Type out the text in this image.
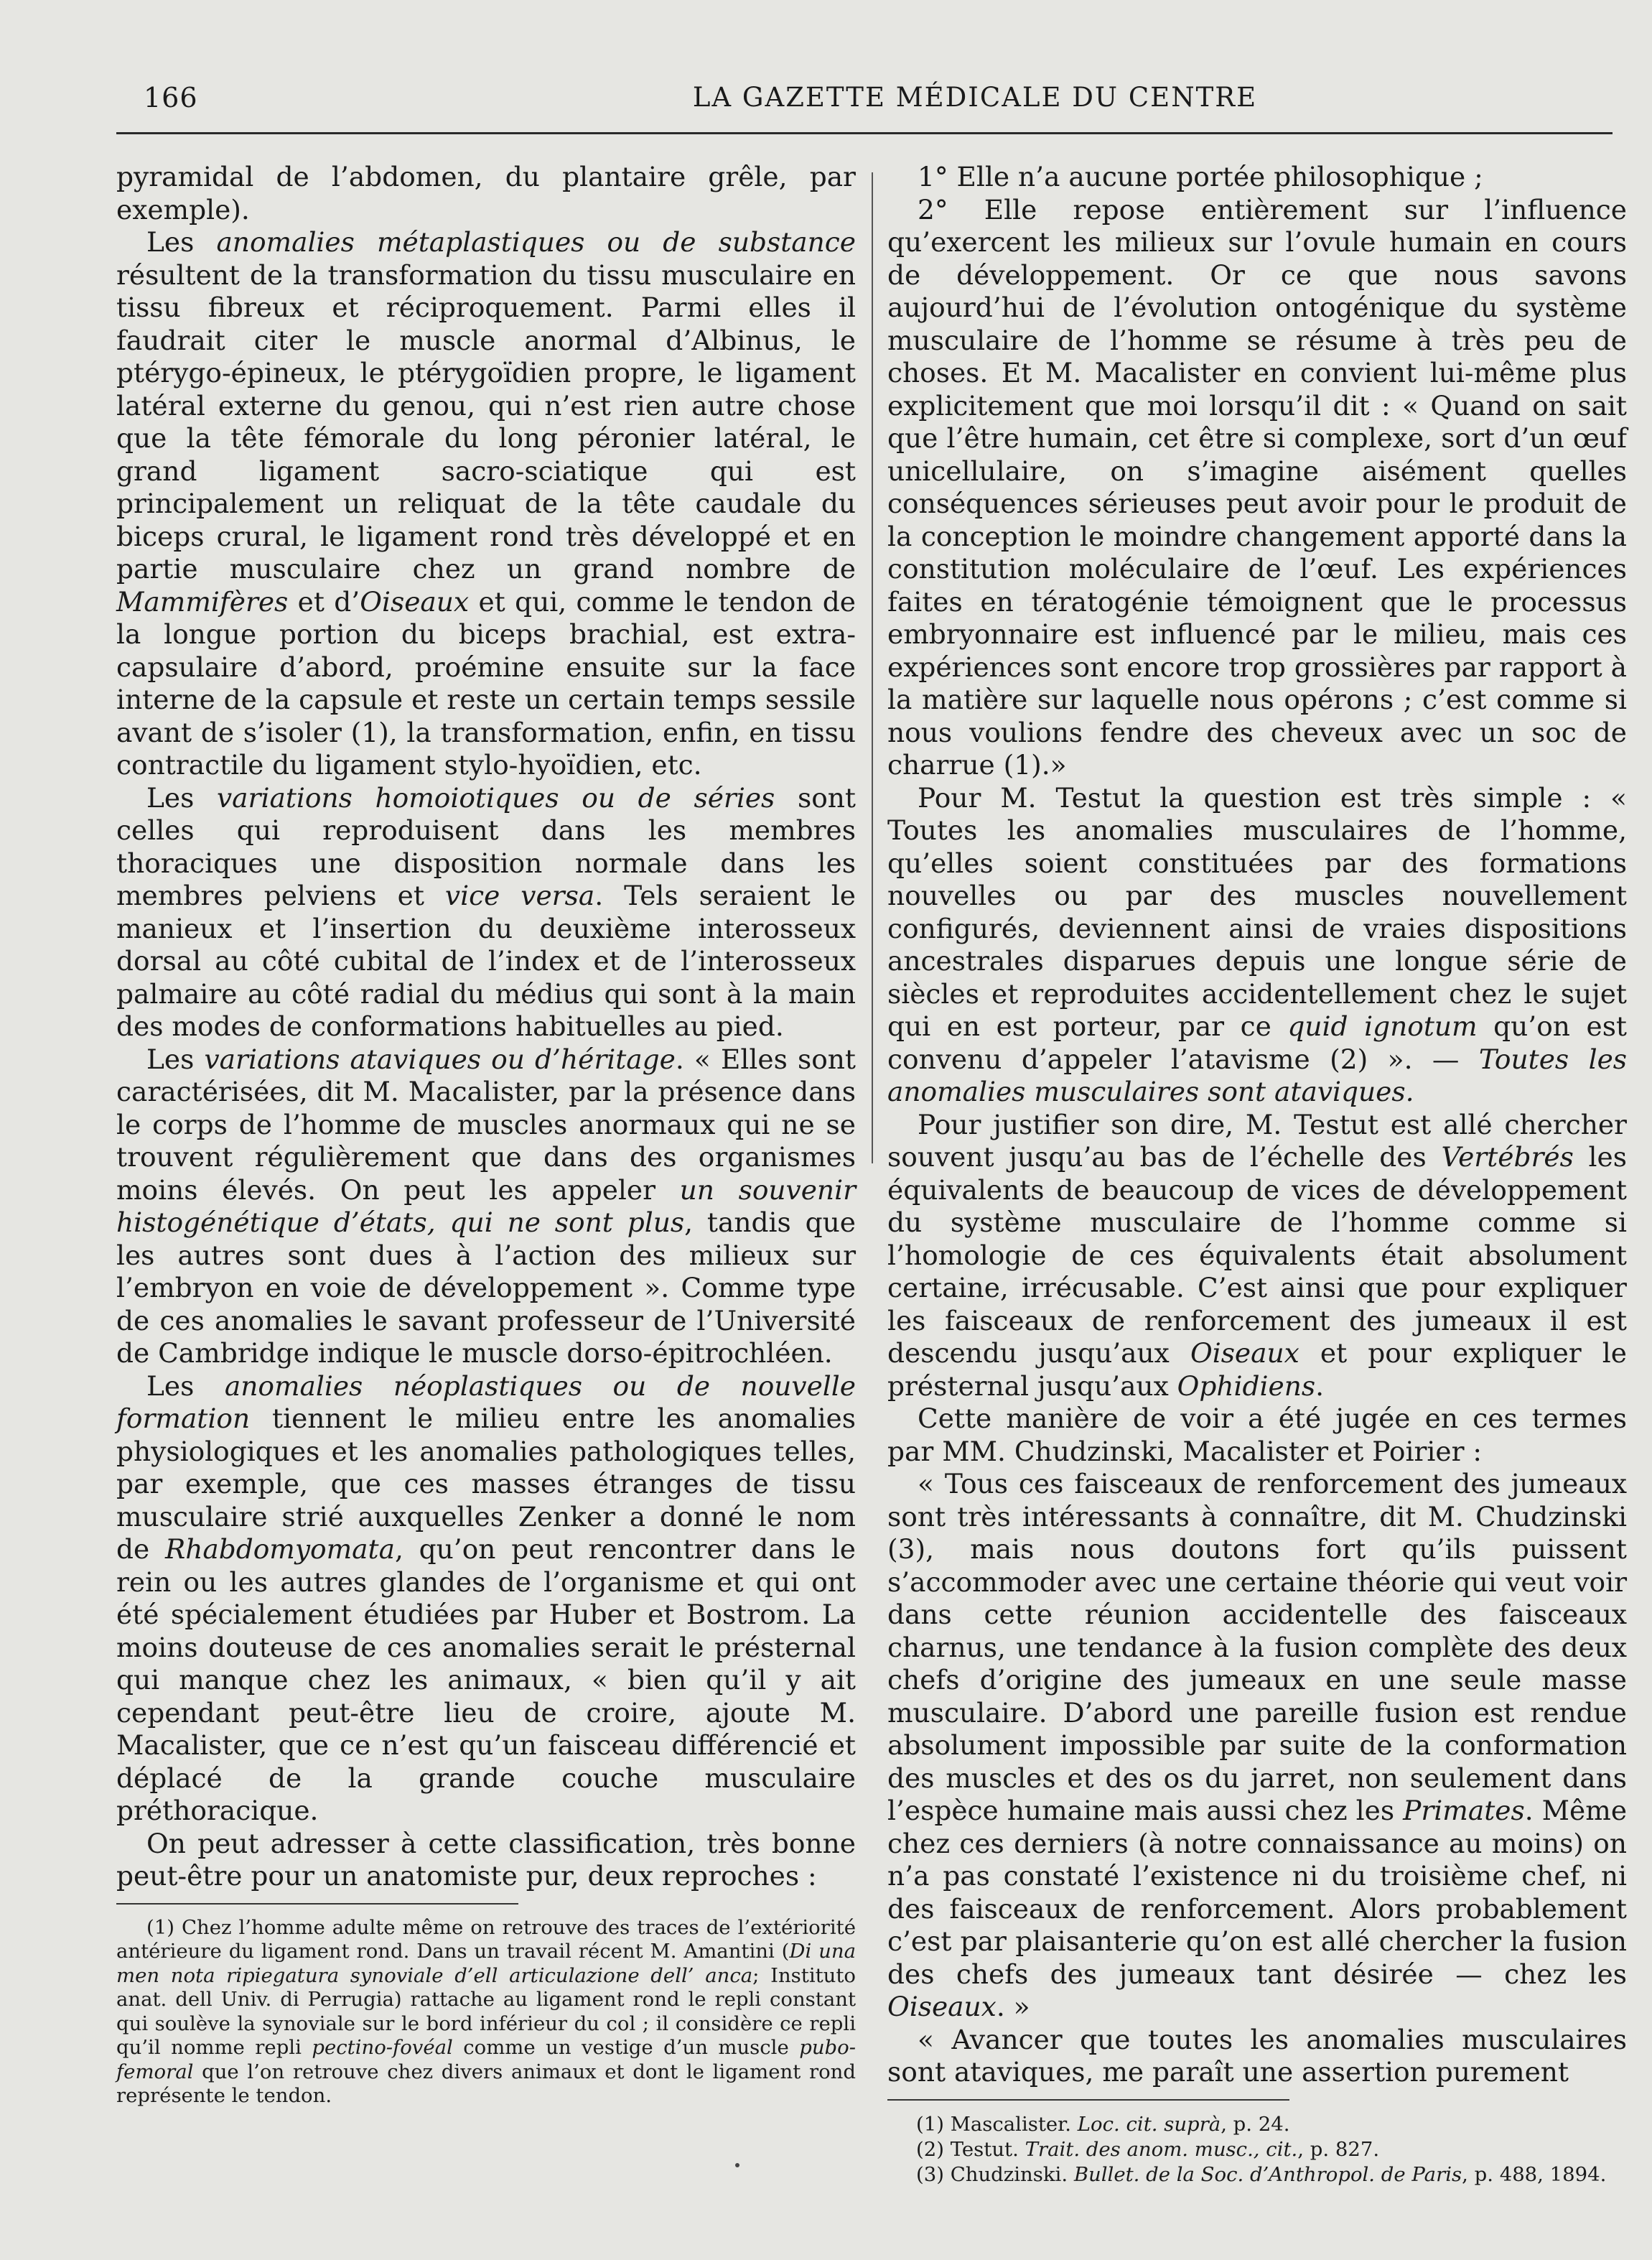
166	LA GAZETTE MÉDICALE DU CENTRE

pyramidal de l’abdomen, du plantaire grêle, par exemple).

Les anomalies métaplastiques ou de substance résultent de la transformation du tissu musculaire en tissu fibreux et réciproquement. Parmi elles il faudrait citer le muscle anormal d’Albinus, le ptérygo-épineux, le ptérygoïdien propre, le ligament latéral externe du genou, qui n’est rien autre chose que la tête fémorale du long péronier latéral, le grand ligament sacro-sciatique qui est principalement un reliquat de la tête caudale du biceps crural, le ligament rond très développé et en partie musculaire chez un grand nombre de Mammifères et d’Oiseaux et qui, comme le tendon de la longue portion du biceps brachial, est extra-capsulaire d’abord, proémine ensuite sur la face interne de la capsule et reste un certain temps sessile avant de s’isoler (1), la transformation, enfin, en tissu contractile du ligament stylo-hyoïdien, etc.

Les variations homoiotiques ou de séries sont celles qui reproduisent dans les membres thoraciques une disposition normale dans les membres pelviens et vice versa. Tels seraient le manieux et l’insertion du deuxième interosseux dorsal au côté cubital de l’index et de l’interosseux palmaire au côté radial du médius qui sont à la main des modes de conformations habituelles au pied.

Les variations ataviques ou d’héritage. « Elles sont caractérisées, dit M. Macalister, par la présence dans le corps de l’homme de muscles anormaux qui ne se trouvent régulièrement que dans des organismes moins élevés. On peut les appeler un souvenir histogénétique d’états, qui ne sont plus, tandis que les autres sont dues à l’action des milieux sur l’embryon en voie de développement ». Comme type de ces anomalies le savant professeur de l’Université de Cambridge indique le muscle dorso-épitrochléen.

Les anomalies néoplastiques ou de nouvelle formation tiennent le milieu entre les anomalies physiologiques et les anomalies pathologiques telles, par exemple, que ces masses étranges de tissu musculaire strié auxquelles Zenker a donné le nom de Rhabdomyomata, qu’on peut rencontrer dans le rein ou les autres glandes de l’organisme et qui ont été spécialement étudiées par Huber et Bostrom. La moins douteuse de ces anomalies serait le présternal qui manque chez les animaux, « bien qu’il y ait cependant peut-être lieu de croire, ajoute M. Macalister, que ce n’est qu’un faisceau différencié et déplacé de la grande couche musculaire préthoracique.

On peut adresser à cette classification, très bonne peut-être pour un anatomiste pur, deux reproches :

(1) Chez l’homme adulte même on retrouve des traces de l’extériorité antérieure du ligament rond. Dans un travail récent M. Amantini (Di una men nota ripiegatura synoviale d’ell articulazione dell’ anca; Instituto anat. dell Univ. di Perrugia) rattache au ligament rond le repli constant qui soulève la synoviale sur le bord inférieur du col ; il considère ce repli qu’il nomme repli pectino-fovéal comme un vestige d’un muscle pubo-femoral que l’on retrouve chez divers animaux et dont le ligament rond représente le tendon.

1° Elle n’a aucune portée philosophique ;

2° Elle repose entièrement sur l’influence qu’exercent les milieux sur l’ovule humain en cours de développement. Or ce que nous savons aujourd’hui de l’évolution ontogénique du système musculaire de l’homme se résume à très peu de choses. Et M. Macalister en convient lui-même plus explicitement que moi lorsqu’il dit : « Quand on sait que l’être humain, cet être si complexe, sort d’un œuf unicellulaire, on s’imagine aisément quelles conséquences sérieuses peut avoir pour le produit de la conception le moindre changement apporté dans la constitution moléculaire de l’œuf. Les expériences faites en tératogénie témoignent que le processus embryonnaire est influencé par le milieu, mais ces expériences sont encore trop grossières par rapport à la matière sur laquelle nous opérons ; c’est comme si nous voulions fendre des cheveux avec un soc de charrue (1).»

Pour M. Testut la question est très simple : « Toutes les anomalies musculaires de l’homme, qu’elles soient constituées par des formations nouvelles ou par des muscles nouvellement configurés, deviennent ainsi de vraies dispositions ancestrales disparues depuis une longue série de siècles et reproduites accidentellement chez le sujet qui en est porteur, par ce quid ignotum qu’on est convenu d’appeler l’atavisme (2) ». — Toutes les anomalies musculaires sont ataviques.

Pour justifier son dire, M. Testut est allé chercher souvent jusqu’au bas de l’échelle des Vertébrés les équivalents de beaucoup de vices de développement du système musculaire de l’homme comme si l’homologie de ces équivalents était absolument certaine, irrécusable. C’est ainsi que pour expliquer les faisceaux de renforcement des jumeaux il est descendu jusqu’aux Oiseaux et pour expliquer le présternal jusqu’aux Ophidiens.

Cette manière de voir a été jugée en ces termes par MM. Chudzinski, Macalister et Poirier :

« Tous ces faisceaux de renforcement des jumeaux sont très intéressants à connaître, dit M. Chudzinski (3), mais nous doutons fort qu’ils puissent s’accommoder avec une certaine théorie qui veut voir dans cette réunion accidentelle des faisceaux charnus, une tendance à la fusion complète des deux chefs d’origine des jumeaux en une seule masse musculaire. D’abord une pareille fusion est rendue absolument impossible par suite de la conformation des muscles et des os du jarret, non seulement dans l’espèce humaine mais aussi chez les Primates. Même chez ces derniers (à notre connaissance au moins) on n’a pas constaté l’existence ni du troisième chef, ni des faisceaux de renforcement. Alors probablement c’est par plaisanterie qu’on est allé chercher la fusion des chefs des jumeaux tant désirée — chez les Oiseaux. »

« Avancer que toutes les anomalies musculaires sont ataviques, me paraît une assertion purement

(1) Mascalister. Loc. cit. suprà, p. 24.

(2) Testut. Trait. des anom. musc., cit., p. 827.

(3) Chudzinski. Bullet. de la Soc. d’Anthropol. de Paris, p. 488, 1894.
